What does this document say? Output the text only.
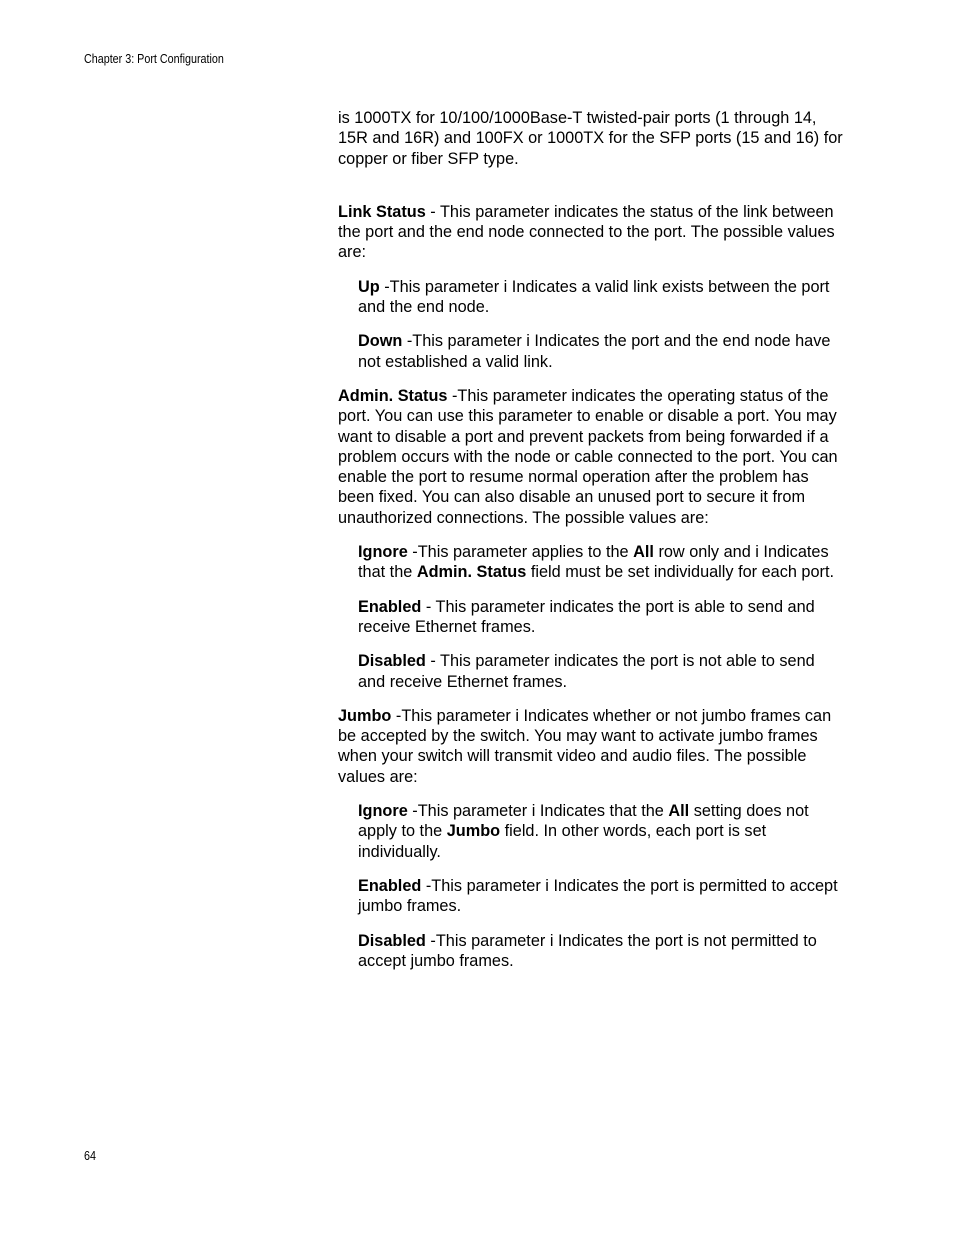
Chapter 3: Port Configuration

is 1000TX for 10/100/1000Base-T twisted-pair ports (1 through 14, 15R and 16R) and 100FX or 1000TX for the SFP ports (15 and 16) for copper or fiber SFP type.

Link Status - This parameter indicates the status of the link between the port and the end node connected to the port. The possible values are:

Up -This parameter i Indicates a valid link exists between the port and the end node.

Down -This parameter i Indicates the port and the end node have not established a valid link.

Admin. Status -This parameter indicates the operating status of the port. You can use this parameter to enable or disable a port. You may want to disable a port and prevent packets from being forwarded if a problem occurs with the node or cable connected to the port. You can enable the port to resume normal operation after the problem has been fixed. You can also disable an unused port to secure it from unauthorized connections. The possible values are:

Ignore -This parameter applies to the All row only and i Indicates that the Admin. Status field must be set individually for each port.

Enabled - This parameter indicates the port is able to send and receive Ethernet frames.

Disabled - This parameter indicates the port is not able to send and receive Ethernet frames.

Jumbo -This parameter i Indicates whether or not jumbo frames can be accepted by the switch. You may want to activate jumbo frames when your switch will transmit video and audio files. The possible values are:

Ignore -This parameter i Indicates that the All setting does not apply to the Jumbo field. In other words, each port is set individually.

Enabled -This parameter i Indicates the port is permitted to accept jumbo frames.

Disabled -This parameter i Indicates the port is not permitted to accept jumbo frames.

64
